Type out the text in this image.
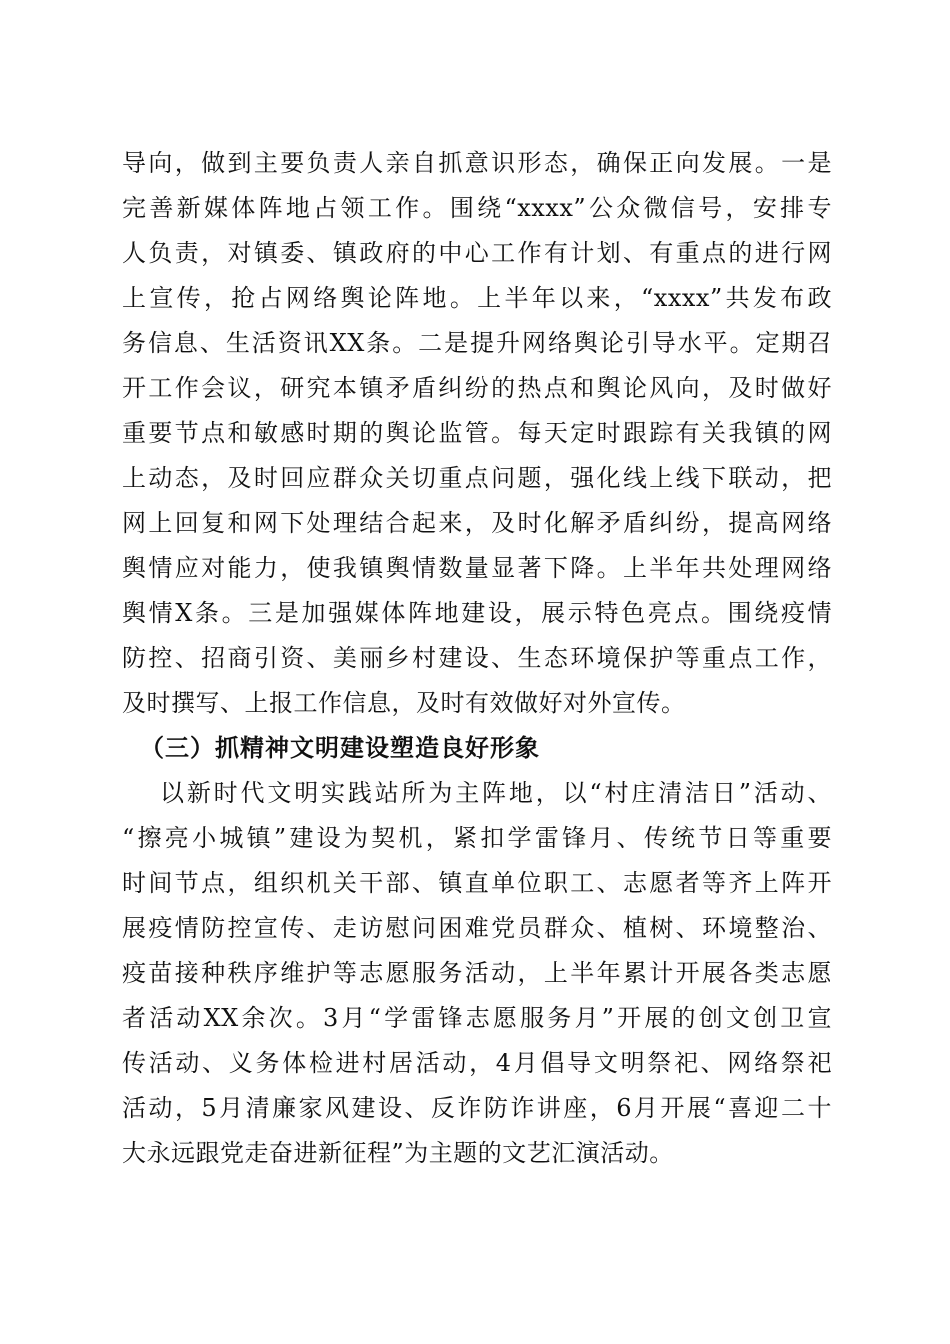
导向，做到主要负责人亲自抓意识形态，确保正向发展。一是
完善新媒体阵地占领工作。围绕“xxxx”公众微信号，安排专
人负责，对镇委、镇政府的中心工作有计划、有重点的进行网
上宣传，抢占网络舆论阵地。上半年以来，“xxxx”共发布政
务信息、生活资讯XX条。二是提升网络舆论引导水平。定期召
开工作会议，研究本镇矛盾纠纷的热点和舆论风向，及时做好
重要节点和敏感时期的舆论监管。每天定时跟踪有关我镇的网
上动态，及时回应群众关切重点问题，强化线上线下联动，把
网上回复和网下处理结合起来，及时化解矛盾纠纷，提高网络
舆情应对能力，使我镇舆情数量显著下降。上半年共处理网络
舆情X条。三是加强媒体阵地建设，展示特色亮点。围绕疫情
防控、招商引资、美丽乡村建设、生态环境保护等重点工作，
及时撰写、上报工作信息，及时有效做好对外宣传。
（三）抓精神文明建设塑造良好形象
以新时代文明实践站所为主阵地，以“村庄清洁日”活动、
“擦亮小城镇”建设为契机，紧扣学雷锋月、传统节日等重要
时间节点，组织机关干部、镇直单位职工、志愿者等齐上阵开
展疫情防控宣传、走访慰问困难党员群众、植树、环境整治、
疫苗接种秩序维护等志愿服务活动，上半年累计开展各类志愿
者活动XX余次。3月“学雷锋志愿服务月”开展的创文创卫宣
传活动、义务体检进村居活动，4月倡导文明祭祀、网络祭祀
活动，5月清廉家风建设、反诈防诈讲座，6月开展“喜迎二十
大永远跟党走奋进新征程”为主题的文艺汇演活动。
